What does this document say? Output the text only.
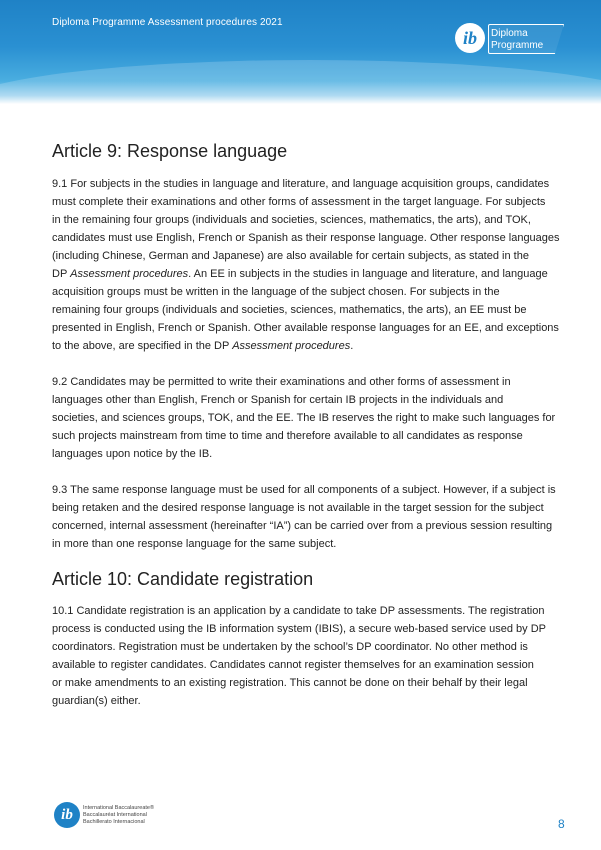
Diploma Programme Assessment procedures 2021
ib	Diploma
Programme
Article 9: Response language
9.1 For subjects in the studies in language and literature, and language acquisition groups, candidates
must complete their examinations and other forms of assessment in the target language. For subjects
in the remaining four groups (individuals and societies, sciences, mathematics, the arts), and TOK,
candidates must use English, French or Spanish as their response language. Other response languages
(including Chinese, German and Japanese) are also available for certain subjects, as stated in the
DP Assessment procedures. An EE in subjects in the studies in language and literature, and language
acquisition groups must be written in the language of the subject chosen. For subjects in the
remaining four groups (individuals and societies, sciences, mathematics, the arts), an EE must be
presented in English, French or Spanish. Other available response languages for an EE, and exceptions
to the above, are specified in the DP Assessment procedures.
9.2 Candidates may be permitted to write their examinations and other forms of assessment in
languages other than English, French or Spanish for certain IB projects in the individuals and
societies, and sciences groups, TOK, and the EE. The IB reserves the right to make such languages for
such projects mainstream from time to time and therefore available to all candidates as response
languages upon notice by the IB.
9.3 The same response language must be used for all components of a subject. However, if a subject is
being retaken and the desired response language is not available in the target session for the subject
concerned, internal assessment (hereinafter “IA”) can be carried over from a previous session resulting
in more than one response language for the same subject.
Article 10: Candidate registration
10.1 Candidate registration is an application by a candidate to take DP assessments. The registration
process is conducted using the IB information system (IBIS), a secure web-based service used by DP
coordinators. Registration must be undertaken by the school’s DP coordinator. No other method is
available to register candidates. Candidates cannot register themselves for an examination session
or make amendments to an existing registration. This cannot be done on their behalf by their legal
guardian(s) either.
ib	International Baccalaureate®
Baccalauréat International
Bachillerato Internacional	8
